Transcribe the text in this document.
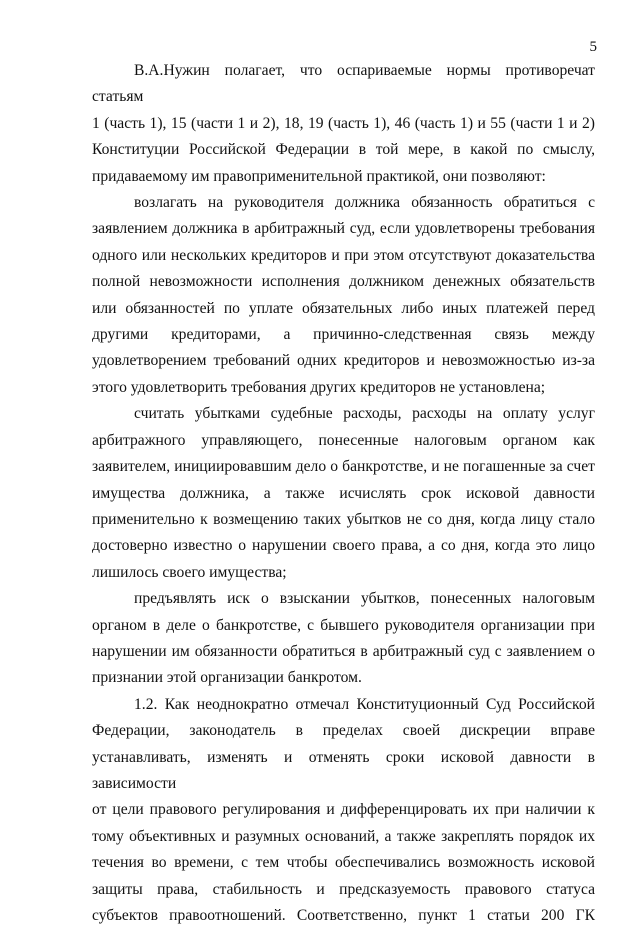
5

В.А.Нужин полагает, что оспариваемые нормы противоречат статьям

1 (часть 1), 15 (части 1 и 2), 18, 19 (часть 1), 46 (часть 1) и 55 (части 1 и 2)

Конституции Российской Федерации в той мере, в какой по смыслу,

придаваемому им правоприменительной практикой, они позволяют:

возлагать на руководителя должника обязанность обратиться с

заявлением должника в арбитражный суд, если удовлетворены требования

одного или нескольких кредиторов и при этом отсутствуют доказательства

полной невозможности исполнения должником денежных обязательств

или обязанностей по уплате обязательных либо иных платежей перед

другими кредиторами, а причинно-следственная связь между

удовлетворением требований одних кредиторов и невозможностью из-за

этого удовлетворить требования других кредиторов не установлена;

считать убытками судебные расходы, расходы на оплату услуг

арбитражного управляющего, понесенные налоговым органом как

заявителем, инициировавшим дело о банкротстве, и не погашенные за счет

имущества должника, а также исчислять срок исковой давности

применительно к возмещению таких убытков не со дня, когда лицу стало

достоверно известно о нарушении своего права, а со дня, когда это лицо

лишилось своего имущества;

предъявлять иск о взыскании убытков, понесенных налоговым

органом в деле о банкротстве, с бывшего руководителя организации при

нарушении им обязанности обратиться в арбитражный суд с заявлением о

признании этой организации банкротом.

1.2. Как неоднократно отмечал Конституционный Суд Российской

Федерации, законодатель в пределах своей дискреции вправе

устанавливать, изменять и отменять сроки исковой давности в зависимости

от цели правового регулирования и дифференцировать их при наличии к

тому объективных и разумных оснований, а также закреплять порядок их

течения во времени, с тем чтобы обеспечивались возможность исковой

защиты права, стабильность и предсказуемость правового статуса

субъектов правоотношений. Соответственно, пункт 1 статьи 200 ГК
